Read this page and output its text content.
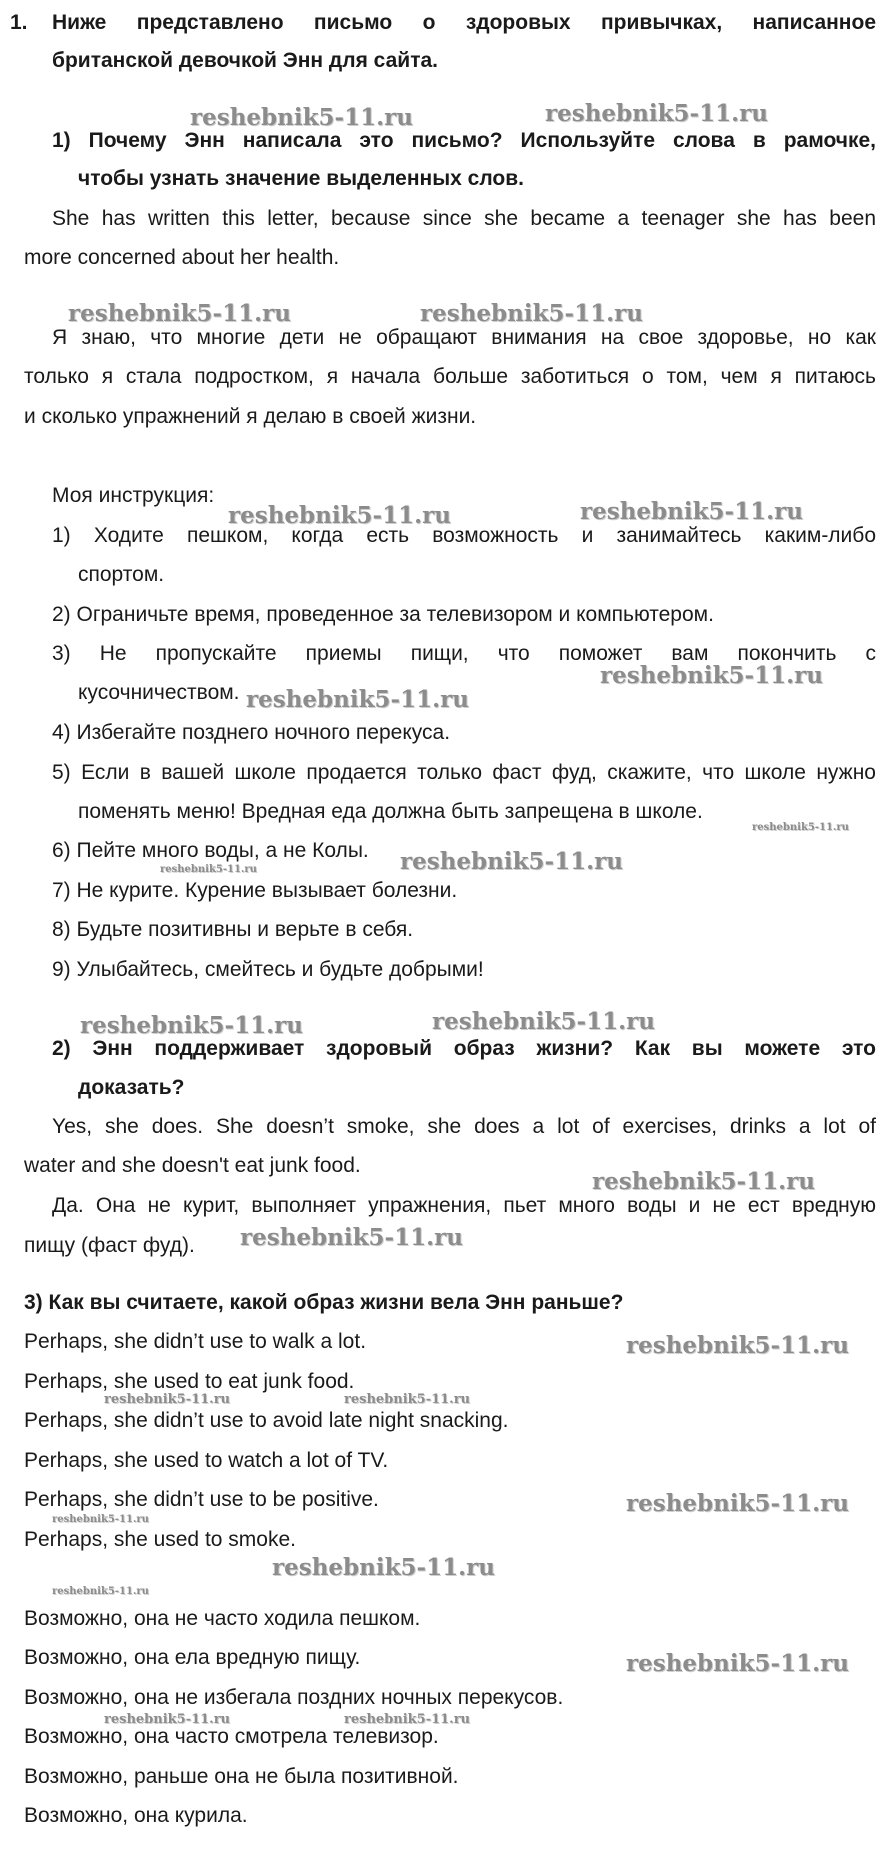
1. Ниже представлено письмо о здоровых привычках, написанное
британской девочкой Энн для сайта.
1) Почему Энн написала это письмо? Используйте слова в рамочке,
чтобы узнать значение выделенных слов.
She has written this letter, because since she became a teenager she has been
more concerned about her health.
Я знаю, что многие дети не обращают внимания на свое здоровье, но как
только я стала подростком, я начала больше заботиться о том, чем я питаюсь
и сколько упражнений я делаю в своей жизни.
Моя инструкция:
1) Ходите пешком, когда есть возможность и занимайтесь каким-либо
спортом.
2) Ограничьте время, проведенное за телевизором и компьютером.
3) Не пропускайте приемы пищи, что поможет вам покончить с
кусочничеством.
4) Избегайте позднего ночного перекуса.
5) Если в вашей школе продается только фаст фуд, скажите, что школе нужно
поменять меню! Вредная еда должна быть запрещена в школе.
6) Пейте много воды, а не Колы.
7) Не курите. Курение вызывает болезни.
8) Будьте позитивны и верьте в себя.
9) Улыбайтесь, смейтесь и будьте добрыми!
2) Энн поддерживает здоровый образ жизни? Как вы можете это
доказать?
Yes, she does. She doesn’t smoke, she does a lot of exercises, drinks a lot of
water and she doesn't eat junk food.
Да. Она не курит, выполняет упражнения, пьет много воды и не ест вредную
пищу (фаст фуд).
3) Как вы считаете, какой образ жизни вела Энн раньше?
Perhaps, she didn’t use to walk a lot.
Perhaps, she used to eat junk food.
Perhaps, she didn’t use to avoid late night snacking.
Perhaps, she used to watch a lot of TV.
Perhaps, she didn’t use to be positive.
Perhaps, she used to smoke.
Возможно, она не часто ходила пешком.
Возможно, она ела вредную пищу.
Возможно, она не избегала поздних ночных перекусов.
Возможно, она часто смотрела телевизор.
Возможно, раньше она не была позитивной.
Возможно, она курила.
reshebnik5-11.ru	reshebnik5-11.ru
reshebnik5-11.ru	reshebnik5-11.ru
reshebnik5-11.ru	reshebnik5-11.ru
reshebnik5-11.ru
reshebnik5-11.ru
reshebnik5-11.ru
reshebnik5-11.ru	reshebnik5-11.ru
reshebnik5-11.ru	reshebnik5-11.ru
reshebnik5-11.ru
reshebnik5-11.ru
reshebnik5-11.ru
reshebnik5-11.ru	reshebnik5-11.ru
reshebnik5-11.ru
reshebnik5-11.ru
reshebnik5-11.ru
reshebnik5-11.ru
reshebnik5-11.ru
reshebnik5-11.ru	reshebnik5-11.ru
